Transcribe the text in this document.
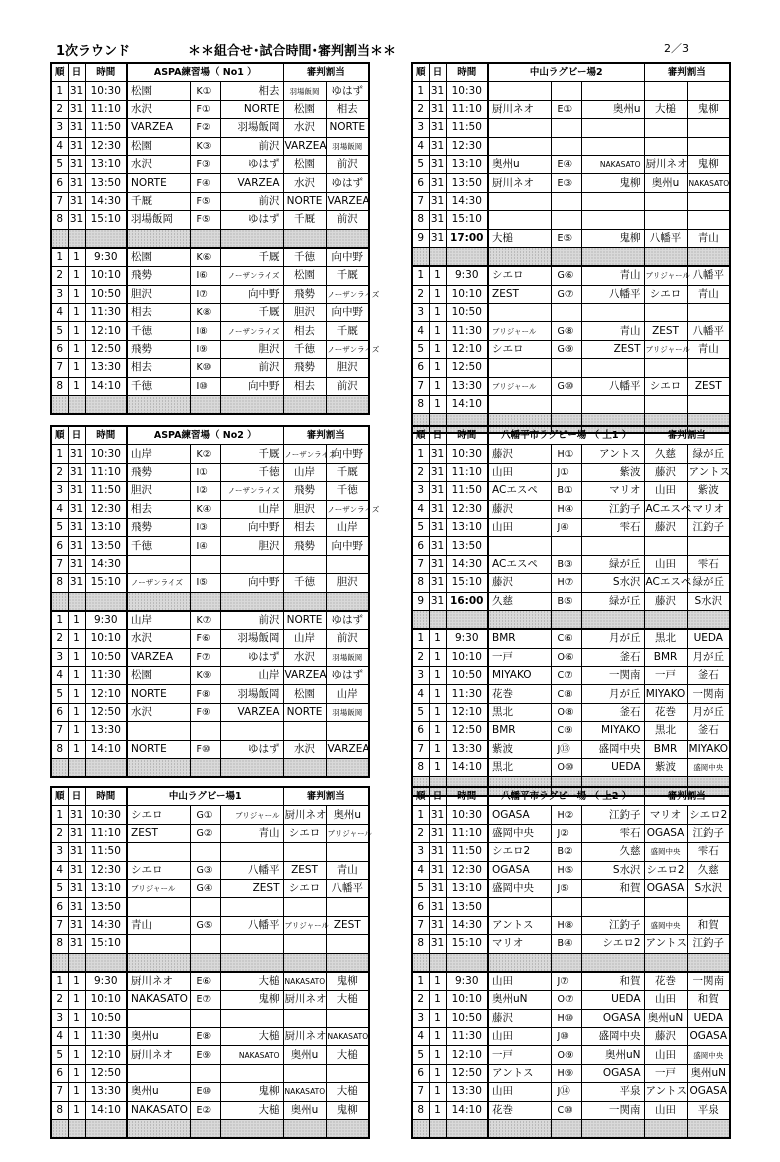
1次ラウンド	＊＊組合せ･試合時間･審判割当＊＊	2／3
順	日	時間	ASPA練習場（ No1 ）			審判割当	
1	31	10:30	松園	K①	相去	羽場飯岡	ゆはず
2	31	11:10	水沢	F①	NORTE	松園	相去
3	31	11:50	VARZEA	F②	羽場飯岡	水沢	NORTE
4	31	12:30	松園	K③	前沢	VARZEA	羽場飯岡
5	31	13:10	水沢	F③	ゆはず	松園	前沢
6	31	13:50	NORTE	F④	VARZEA	水沢	ゆはず
7	31	14:30	千厩	F⑤	前沢	NORTE	VARZEA
8	31	15:10	羽場飯岡	F⑤	ゆはず	千厩	前沢

1	1	9:30	松園	K⑥	千厩	千徳	向中野
2	1	10:10	飛勢	I⑥	ノーザンライズ	松園	千厩
3	1	10:50	胆沢	I⑦	向中野	飛勢	ノーザンライズ
4	1	11:30	相去	K⑧	千厩	胆沢	向中野
5	1	12:10	千徳	I⑧	ノーザンライズ	相去	千厩
6	1	12:50	飛勢	I⑨	胆沢	千徳	ノーザンライズ
7	1	13:30	相去	K⑩	前沢	飛勢	胆沢
8	1	14:10	千徳	I⑩	向中野	相去	前沢

順	日	時間	中山ラグビー場2			審判割当	
1	31	10:30					
2	31	11:10	厨川ネオ	E①	奥州u	大槌	鬼柳
3	31	11:50					
4	31	12:30					
5	31	13:10	奥州u	E④	NAKASATO	厨川ネオ	鬼柳
6	31	13:50	厨川ネオ	E③	鬼柳	奥州u	NAKASATO
7	31	14:30					
8	31	15:10					
9	31	17:00	大槌	E⑤	鬼柳	八幡平	青山

1	1	9:30	シエロ	G⑥	青山	ブリジャール	八幡平
2	1	10:10	ZEST	G⑦	八幡平	シエロ	青山
3	1	10:50					
4	1	11:30	ブリジャール	G⑧	青山	ZEST	八幡平
5	1	12:10	シエロ	G⑨	ZEST	ブリジャール	青山
6	1	12:50					
7	1	13:30	ブリジャール	G⑩	八幡平	シエロ	ZEST
8	1	14:10					

順	日	時間	ASPA練習場（ No2 ）			審判割当	
1	31	10:30	山岸	K②	千厩	ノーザンライズ	向中野
2	31	11:10	飛勢	I①	千徳	山岸	千厩
3	31	11:50	胆沢	I②	ノーザンライズ	飛勢	千徳
4	31	12:30	相去	K④	山岸	胆沢	ノーザンライズ
5	31	13:10	飛勢	I③	向中野	相去	山岸
6	31	13:50	千徳	I④	胆沢	飛勢	向中野
7	31	14:30					
8	31	15:10	ノーザンライズ	I⑤	向中野	千徳	胆沢

1	1	9:30	山岸	K⑦	前沢	NORTE	ゆはず
2	1	10:10	水沢	F⑥	羽場飯岡	山岸	前沢
3	1	10:50	VARZEA	F⑦	ゆはず	水沢	羽場飯岡
4	1	11:30	松園	K⑨	山岸	VARZEA	ゆはず
5	1	12:10	NORTE	F⑧	羽場飯岡	松園	山岸
6	1	12:50	水沢	F⑨	VARZEA	NORTE	羽場飯岡
7	1	13:30					
8	1	14:10	NORTE	F⑩	ゆはず	水沢	VARZEA

順	日	時間	八幡平市ラグビー場 （ 上1 ）			審判割当	
1	31	10:30	藤沢	H①	アントス	久慈	緑が丘
2	31	11:10	山田	J①	紫波	藤沢	アントス
3	31	11:50	ACエスペ	B①	マリオ	山田	紫波
4	31	12:30	藤沢	H④	江釣子	ACエスペ	マリオ
5	31	13:10	山田	J④	雫石	藤沢	江釣子
6	31	13:50					
7	31	14:30	ACエスペ	B③	緑が丘	山田	雫石
8	31	15:10	藤沢	H⑦	S水沢	ACエスペ	緑が丘
9	31	16:00	久慈	B⑤	緑が丘	藤沢	S水沢

1	1	9:30	BMR	C⑥	月が丘	黒北	UEDA
2	1	10:10	一戸	O⑥	釜石	BMR	月が丘
3	1	10:50	MIYAKO	C⑦	一関南	一戸	釜石
4	1	11:30	花巻	C⑧	月が丘	MIYAKO	一関南
5	1	12:10	黒北	O⑧	釜石	花巻	月が丘
6	1	12:50	BMR	C⑨	MIYAKO	黒北	釜石
7	1	13:30	紫波	J⑬	盛岡中央	BMR	MIYAKO
8	1	14:10	黒北	O⑩	UEDA	紫波	盛岡中央

順	日	時間	中山ラグビー場1			審判割当	
1	31	10:30	シエロ	G①	ブリジャール	厨川ネオ	奥州u
2	31	11:10	ZEST	G②	青山	シエロ	ブリジャール
3	31	11:50					
4	31	12:30	シエロ	G③	八幡平	ZEST	青山
5	31	13:10	ブリジャール	G④	ZEST	シエロ	八幡平
6	31	13:50					
7	31	14:30	青山	G⑤	八幡平	ブリジャール	ZEST
8	31	15:10					

1	1	9:30	厨川ネオ	E⑥	大槌	NAKASATO	鬼柳
2	1	10:10	NAKASATO	E⑦	鬼柳	厨川ネオ	大槌
3	1	10:50					
4	1	11:30	奥州u	E⑧	大槌	厨川ネオ	NAKASATO
5	1	12:10	厨川ネオ	E⑨	NAKASATO	奥州u	大槌
6	1	12:50					
7	1	13:30	奥州u	E⑩	鬼柳	NAKASATO	大槌
8	1	14:10	NAKASATO	E②	大槌	奥州u	鬼柳

順	日	時間	八幡平市ラグビー場 （ 上2 ）			審判割当	
1	31	10:30	OGASA	H②	江釣子	マリオ	シエロ2
2	31	11:10	盛岡中央	J②	雫石	OGASA	江釣子
3	31	11:50	シエロ2	B②	久慈	盛岡中央	雫石
4	31	12:30	OGASA	H⑤	S水沢	シエロ2	久慈
5	31	13:10	盛岡中央	J⑤	和賀	OGASA	S水沢
6	31	13:50					
7	31	14:30	アントス	H⑧	江釣子	盛岡中央	和賀
8	31	15:10	マリオ	B④	シエロ2	アントス	江釣子

1	1	9:30	山田	J⑦	和賀	花巻	一関南
2	1	10:10	奥州uN	O⑦	UEDA	山田	和賀
3	1	10:50	藤沢	H⑩	OGASA	奥州uN	UEDA
4	1	11:30	山田	J⑩	盛岡中央	藤沢	OGASA
5	1	12:10	一戸	O⑨	奥州uN	山田	盛岡中央
6	1	12:50	アントス	H⑨	OGASA	一戸	奥州uN
7	1	13:30	山田	J⑭	平泉	アントス	OGASA
8	1	14:10	花巻	C⑩	一関南	山田	平泉
